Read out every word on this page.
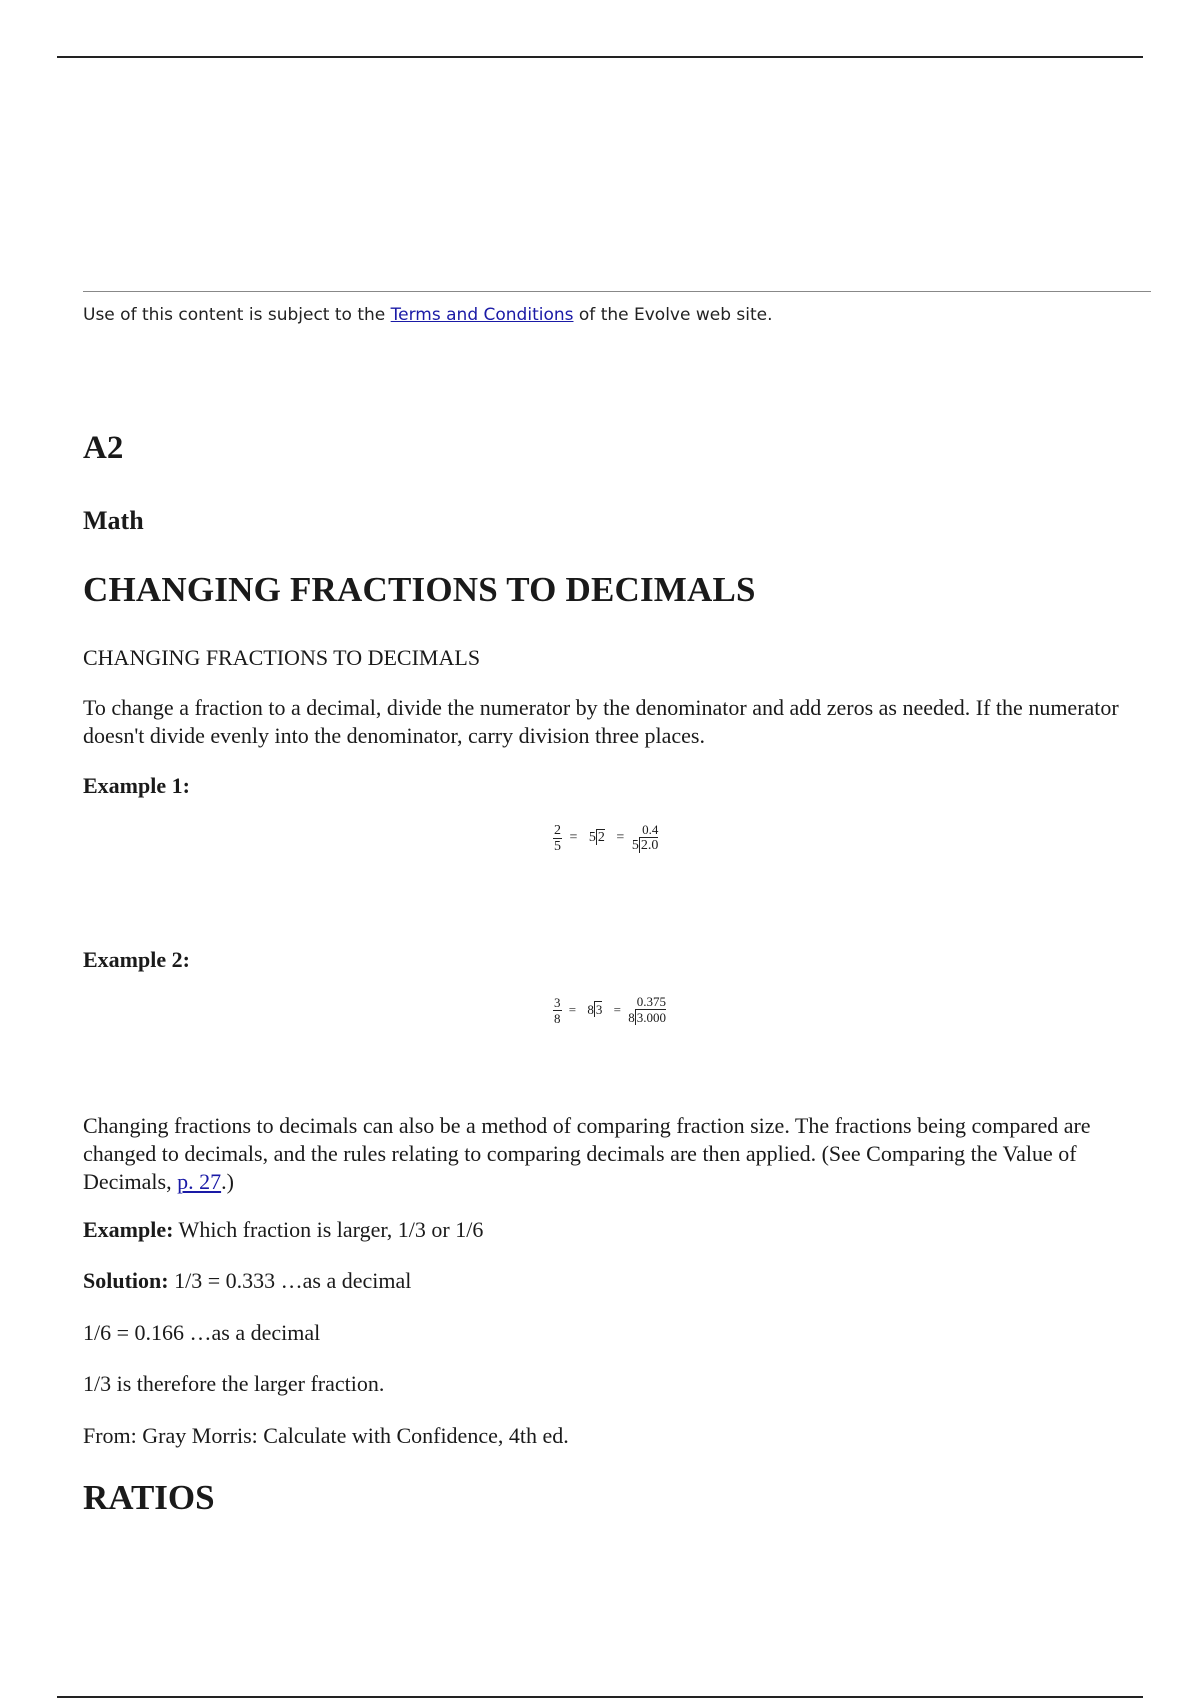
Use of this content is subject to the Terms and Conditions of the Evolve web site.
A2
Math
CHANGING FRACTIONS TO DECIMALS

CHANGING FRACTIONS TO DECIMALS

To change a fraction to a decimal, divide the numerator by the denominator and add zeros as needed. If the numerator doesn't divide evenly into the denominator, carry division three places.

Example 1:

$\frac{2}{5} = 5$ 2 =
0.4
5 2.0

Example 2:

$\frac{3}{8} = 8$ 3 =
0.375
8 3.000

Changing fractions to decimals can also be a method of comparing fraction size. The fractions being compared are changed to decimals, and the rules relating to comparing decimals are then applied. (See Comparing the Value of Decimals, p. 27.)

Example: Which fraction is larger, 1/3 or 1/6

Solution: 1/3 = 0.333 …as a decimal

1/6 = 0.166 …as a decimal

1/3 is therefore the larger fraction.

From: Gray Morris: Calculate with Confidence, 4th ed.

RATIOS
